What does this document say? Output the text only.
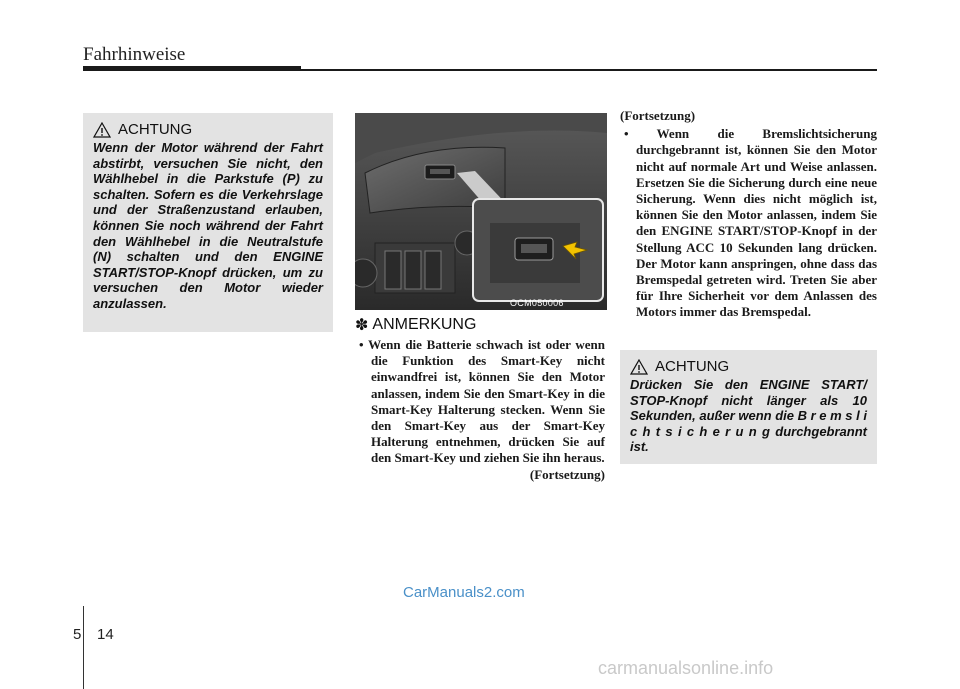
Fahrhinweise
ACHTUNG
Wenn der Motor während der Fahrt abstirbt, versuchen Sie nicht, den Wählhebel in die Parkstufe (P) zu schalten. Sofern es die Verkehrslage und der Straßenzustand erlauben, können Sie noch während der Fahrt den Wählhebel in die Neutralstufe (N) schalten und den ENGINE START/STOP-Knopf drücken, um zu versuchen den Motor wieder anzulassen.	OCM050006
✽ ANMERKUNG
• Wenn die Batterie schwach ist oder wenn die Funktion des Smart-Key nicht einwandfrei ist, können Sie den Motor anlassen, indem Sie den Smart-Key in die Smart-Key Halterung stecken. Wenn Sie den Smart-Key aus der Smart-Key Halterung entnehmen, drücken Sie auf den Smart-Key und ziehen Sie ihn heraus.
(Fortsetzung)
(Fortsetzung)
• Wenn die Bremslichtsicherung durchgebrannt ist, können Sie den Motor nicht auf normale Art und Weise anlassen. Ersetzen Sie die Sicherung durch eine neue Sicherung. Wenn dies nicht möglich ist, können Sie den Motor anlassen, indem Sie den ENGINE START/STOP-Knopf in der Stellung ACC 10 Sekunden lang drücken. Der Motor kann anspringen, ohne dass das Bremspedal getreten wird. Treten Sie aber für Ihre Sicherheit vor dem Anlassen des Motors immer das Bremspedal.
ACHTUNG
Drücken Sie den ENGINE START/ STOP-Knopf nicht länger als 10 Sekunden, außer wenn die B r e m s l i c h t s i c h e r u n g durchgebrannt ist.
CarManuals2.com
5 14
carmanualsonline.info
